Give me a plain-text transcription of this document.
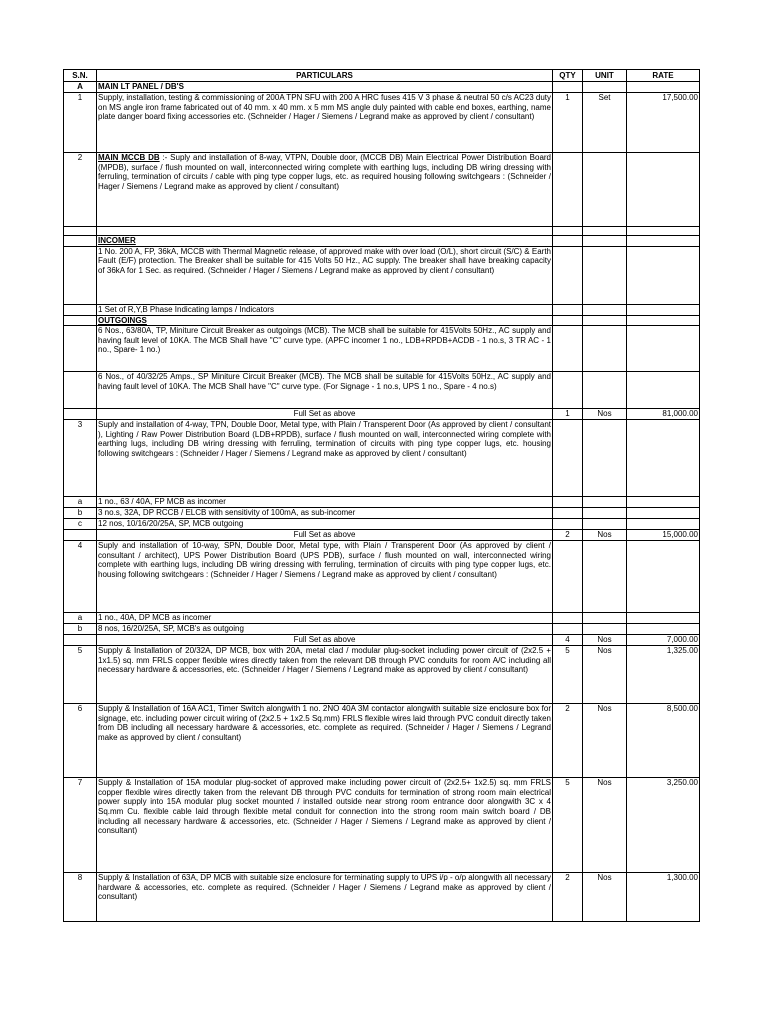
S.N.	PARTICULARS	QTY	UNIT	RATE
A	MAIN LT PANEL / DB'S			
1	Supply, installation, testing & commissioning of 200A TPN SFU with 200 A HRC fuses 415 V 3 phase & neutral 50 c/s AC23 duty on MS angle iron frame fabricated out of 40 mm. x 40 mm. x 5 mm MS angle duly painted with cable end boxes, earthing, name plate danger board fixing accessories etc. (Schneider / Hager / Siemens / Legrand make as approved by client / consultant)	1	Set	17,500.00
2	MAIN MCCB DB :- Suply and installation of 8-way, VTPN, Double door, (MCCB DB) Main Electrical Power Distribution Board (MPDB), surface / flush mounted on wall, interconnected wiring complete with earthing lugs, including DB wiring dressing with ferruling, termination of circuits / cable with ping type copper lugs, etc. as required housing following switchgears : (Schneider / Hager / Siemens / Legrand make as approved by client / consultant)			

	INCOMER			
	1 No. 200 A, FP, 36kA, MCCB with Thermal Magnetic release, of approved make with over load (O/L), short circuit (S/C) & Earth Fault (E/F) protection. The Breaker shall be suitable for 415 Volts 50 Hz., AC supply. The breaker shall have breaking capacity of 36kA for 1 Sec. as required. (Schneider / Hager / Siemens / Legrand make as approved by client / consultant)			
	1 Set of R,Y,B Phase Indicating lamps / Indicators			
	OUTGOINGS			
	6 Nos., 63/80A, TP, Miniture Circuit Breaker as outgoings (MCB). The MCB shall be suitable for 415Volts 50Hz., AC supply and having fault level of 10KA. The MCB Shall have "C" curve type. (APFC incomer 1 no., LDB+RPDB+ACDB - 1 no.s, 3 TR AC - 1 no., Spare- 1 no.)			
	6 Nos., of 40/32/25 Amps., SP Miniture Circuit Breaker (MCB). The MCB shall be suitable for 415Volts 50Hz., AC supply and having fault level of 10KA. The MCB Shall have "C" curve type. (For Signage - 1 no.s, UPS 1 no., Spare - 4 no.s)			
	Full Set as above	1	Nos	81,000.00
3	Suply and installation of 4-way, TPN, Double Door, Metal type, with Plain / Transperent Door (As approved by client / consultant ), Lighting / Raw Power Distribution Board (LDB+RPDB), surface / flush mounted on wall, interconnected wiring complete with earthing lugs, including DB wiring dressing with ferruling, termination of circuits with ping type copper lugs, etc. housing following switchgears : (Schneider / Hager / Siemens / Legrand make as approved by client / consultant)			
a	1 no., 63 / 40A, FP MCB as incomer			
b	3 no.s, 32A, DP RCCB / ELCB with sensitivity of 100mA, as sub-incomer			
c	12 nos, 10/16/20/25A, SP, MCB outgoing			
	Full Set as above	2	Nos	15,000.00
4	Suply and installation of 10-way, SPN, Double Door, Metal type, with Plain / Transperent Door (As approved by client / consultant / architect), UPS Power Distribution Board (UPS PDB), surface / flush mounted on wall, interconnected wiring complete with earthing lugs, including DB wiring dressing with ferruling, termination of circuits with ping type copper lugs, etc. housing following switchgears : (Schneider / Hager / Siemens / Legrand make as approved by client / consultant)			
a	1 no., 40A, DP MCB as incomer			
b	8 nos, 16/20/25A, SP, MCB's as outgoing			
	Full Set as above	4	Nos	7,000.00
5	Supply & Installation of 20/32A, DP MCB, box with 20A, metal clad / modular plug-socket including power circuit of (2x2.5 + 1x1.5) sq. mm FRLS copper flexible wires directly taken from the relevant DB through PVC conduits for room A/C including all necessary hardware & accessories, etc. (Schneider / Hager / Siemens / Legrand make as approved by client / consultant)	5	Nos	1,325.00
6	Supply & Installation of 16A AC1, Timer Switch alongwith 1 no. 2NO 40A 3M contactor alongwith suitable size enclosure box for signage, etc. including power circuit wiring of (2x2.5 + 1x2.5 Sq.mm) FRLS flexible wires laid through PVC conduit directly taken from DB including all necessary hardware & accessories, etc. complete as required. (Schneider / Hager / Siemens / Legrand make as approved by client / consultant)	2	Nos	8,500.00
7	Supply & Installation of 15A modular plug-socket of approved make including power circuit of (2x2.5+ 1x2.5) sq. mm FRLS copper flexible wires directly taken from the relevant DB through PVC conduits for termination of strong room main electrical power supply into 15A modular plug socket mounted / installed outside near strong room entrance door alongwith 3C x 4 Sq.mm Cu. flexible cable laid through flexible metal conduit for connection into the strong room main switch board / DB including all necessary hardware & accessories, etc. (Schneider / Hager / Siemens / Legrand make as approved by client / consultant)	5	Nos	3,250.00
8	Supply & Installation of 63A, DP MCB with suitable size enclosure for terminating supply to UPS i/p - o/p alongwith all necessary hardware & accessories, etc. complete as required. (Schneider / Hager / Siemens / Legrand make as approved by client / consultant)	2	Nos	1,300.00
